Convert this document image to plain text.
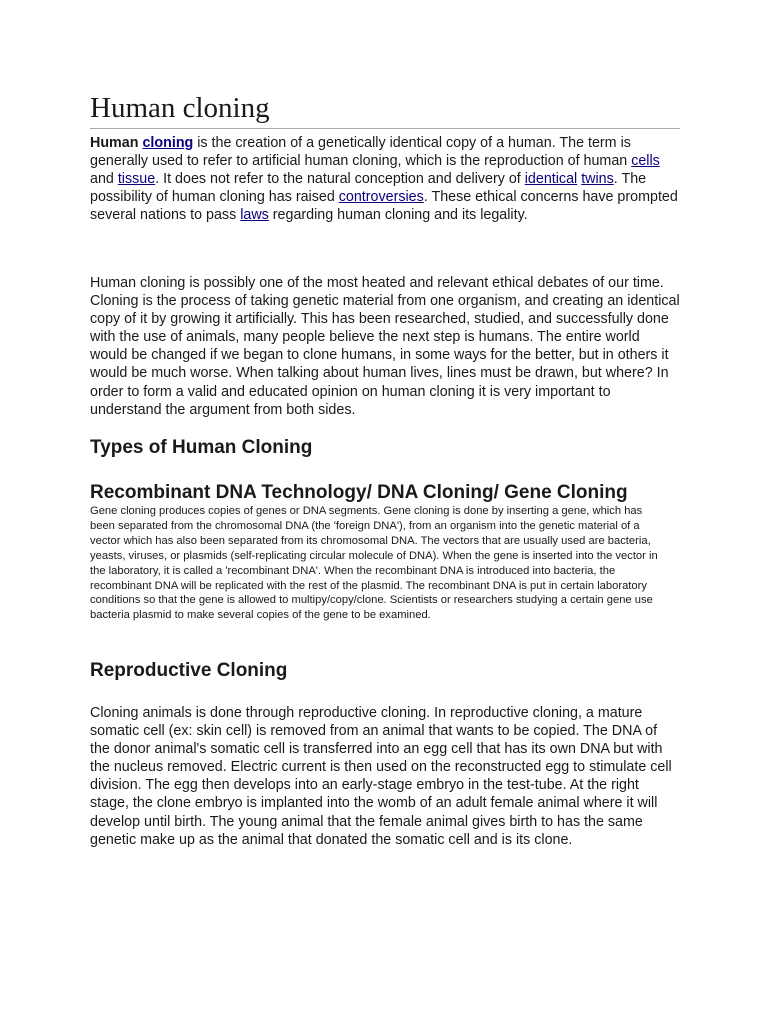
Human cloning

Human cloning is the creation of a genetically identical copy of a human. The term is generally used to refer to artificial human cloning, which is the reproduction of human cells and tissue. It does not refer to the natural conception and delivery of identical twins. The possibility of human cloning has raised controversies. These ethical concerns have prompted several nations to pass laws regarding human cloning and its legality.

Human cloning is possibly one of the most heated and relevant ethical debates of our time. Cloning is the process of taking genetic material from one organism, and creating an identical copy of it by growing it artificially. This has been researched, studied, and successfully done with the use of animals, many people believe the next step is humans. The entire world would be changed if we began to clone humans, in some ways for the better, but in others it would be much worse. When talking about human lives, lines must be drawn, but where? In order to form a valid and educated opinion on human cloning it is very important to understand the argument from both sides.

Types of Human Cloning
Recombinant DNA Technology/ DNA Cloning/ Gene Cloning

Gene cloning produces copies of genes or DNA segments. Gene cloning is done by inserting a gene, which has been separated from the chromosomal DNA (the 'foreign DNA'), from an organism into the genetic material of a vector which has also been separated from its chromosomal DNA. The vectors that are usually used are bacteria, yeasts, viruses, or plasmids (self-replicating circular molecule of DNA). When the gene is inserted into the vector in the laboratory, it is called a 'recombinant DNA'. When the recombinant DNA is introduced into bacteria, the recombinant DNA will be replicated with the rest of the plasmid. The recombinant DNA is put in certain laboratory conditions so that the gene is allowed to multipy/copy/clone. Scientists or researchers studying a certain gene use bacteria plasmid to make several copies of the gene to be examined.

Reproductive Cloning

Cloning animals is done through reproductive cloning. In reproductive cloning, a mature somatic cell (ex: skin cell) is removed from an animal that wants to be copied. The DNA of the donor animal's somatic cell is transferred into an egg cell that has its own DNA but with the nucleus removed. Electric current is then used on the reconstructed egg to stimulate cell division. The egg then develops into an early-stage embryo in the test-tube. At the right stage, the clone embryo is implanted into the womb of an adult female animal where it will develop until birth. The young animal that the female animal gives birth to has the same genetic make up as the animal that donated the somatic cell and is its clone.
